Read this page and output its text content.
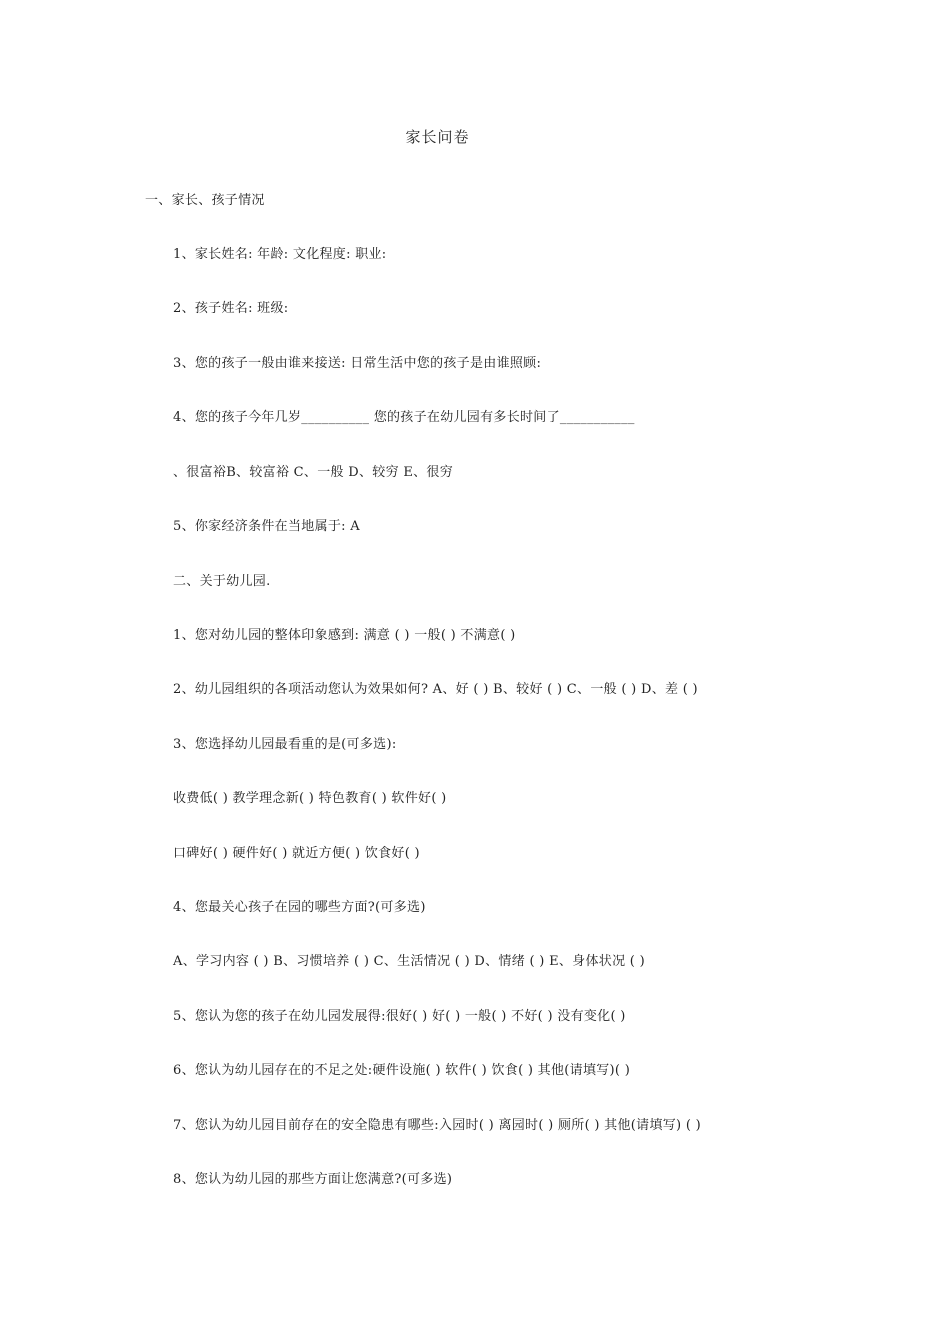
家长问卷
一、家长、孩子情况
1、家长姓名: 年龄: 文化程度: 职业:
2、孩子姓名: 班级:
3、您的孩子一般由谁来接送: 日常生活中您的孩子是由谁照顾:
4、您的孩子今年几岁__________ 您的孩子在幼儿园有多长时间了___________
、很富裕B、较富裕 C、一般 D、较穷 E、很穷
5、你家经济条件在当地属于: A
二、关于幼儿园.
1、您对幼儿园的整体印象感到: 满意 ( ) 一般( ) 不满意( )
2、幼儿园组织的各项活动您认为效果如何? A、好 ( ) B、较好 ( ) C、一般 ( ) D、差 ( )
3、您选择幼儿园最看重的是(可多选):
收费低( ) 教学理念新( ) 特色教育( ) 软件好( )
口碑好( ) 硬件好( ) 就近方便( ) 饮食好( )
4、您最关心孩子在园的哪些方面?(可多选)
A、学习内容 ( ) B、习惯培养 ( ) C、生活情况 ( ) D、情绪 ( ) E、身体状况 ( )
5、您认为您的孩子在幼儿园发展得:很好( ) 好( ) 一般( ) 不好( ) 没有变化( )
6、您认为幼儿园存在的不足之处:硬件设施( ) 软件( ) 饮食( ) 其他(请填写)( )
7、您认为幼儿园目前存在的安全隐患有哪些:入园时( ) 离园时( ) 厕所( ) 其他(请填写) ( )
8、您认为幼儿园的那些方面让您满意?(可多选)
